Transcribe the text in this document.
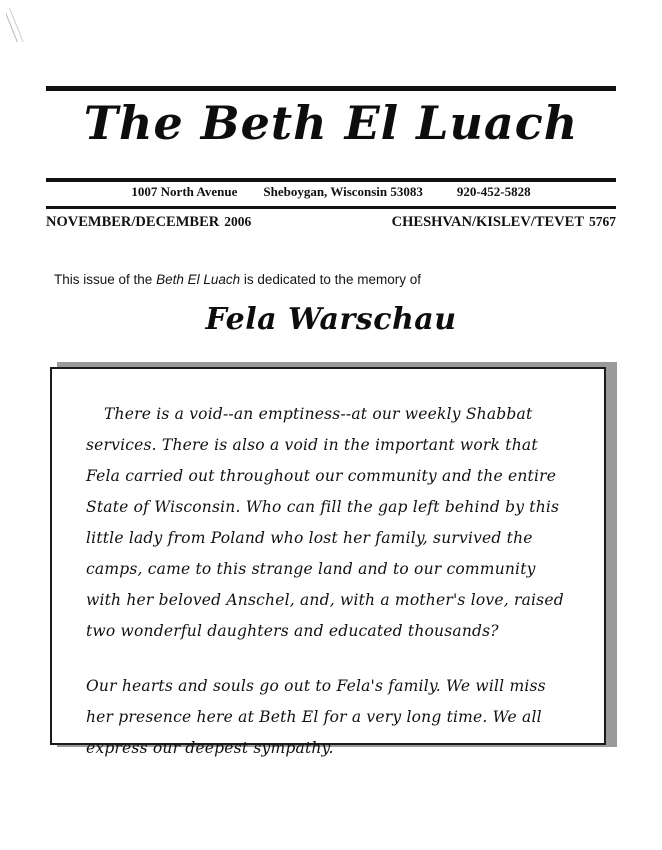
The Beth El Luach
1007 North Avenue Sheboygan, Wisconsin 53083	920-452-5828
NOVEMBER/DECEMBER 2006	CHESHVAN/KISLEV/TEVET 5767
This issue of the Beth El Luach is dedicated to the memory of
Fela Warschau

There is a void--an emptiness--at our weekly Shabbat services. There is also a void in the important work that Fela carried out throughout our community and the entire State of Wisconsin. Who can fill the gap left behind by this little lady from Poland who lost her family, survived the camps, came to this strange land and to our community with her beloved Anschel, and, with a mother's love, raised two wonderful daughters and educated thousands?

Our hearts and souls go out to Fela's family. We will miss her presence here at Beth El for a very long time. We all express our deepest sympathy.
